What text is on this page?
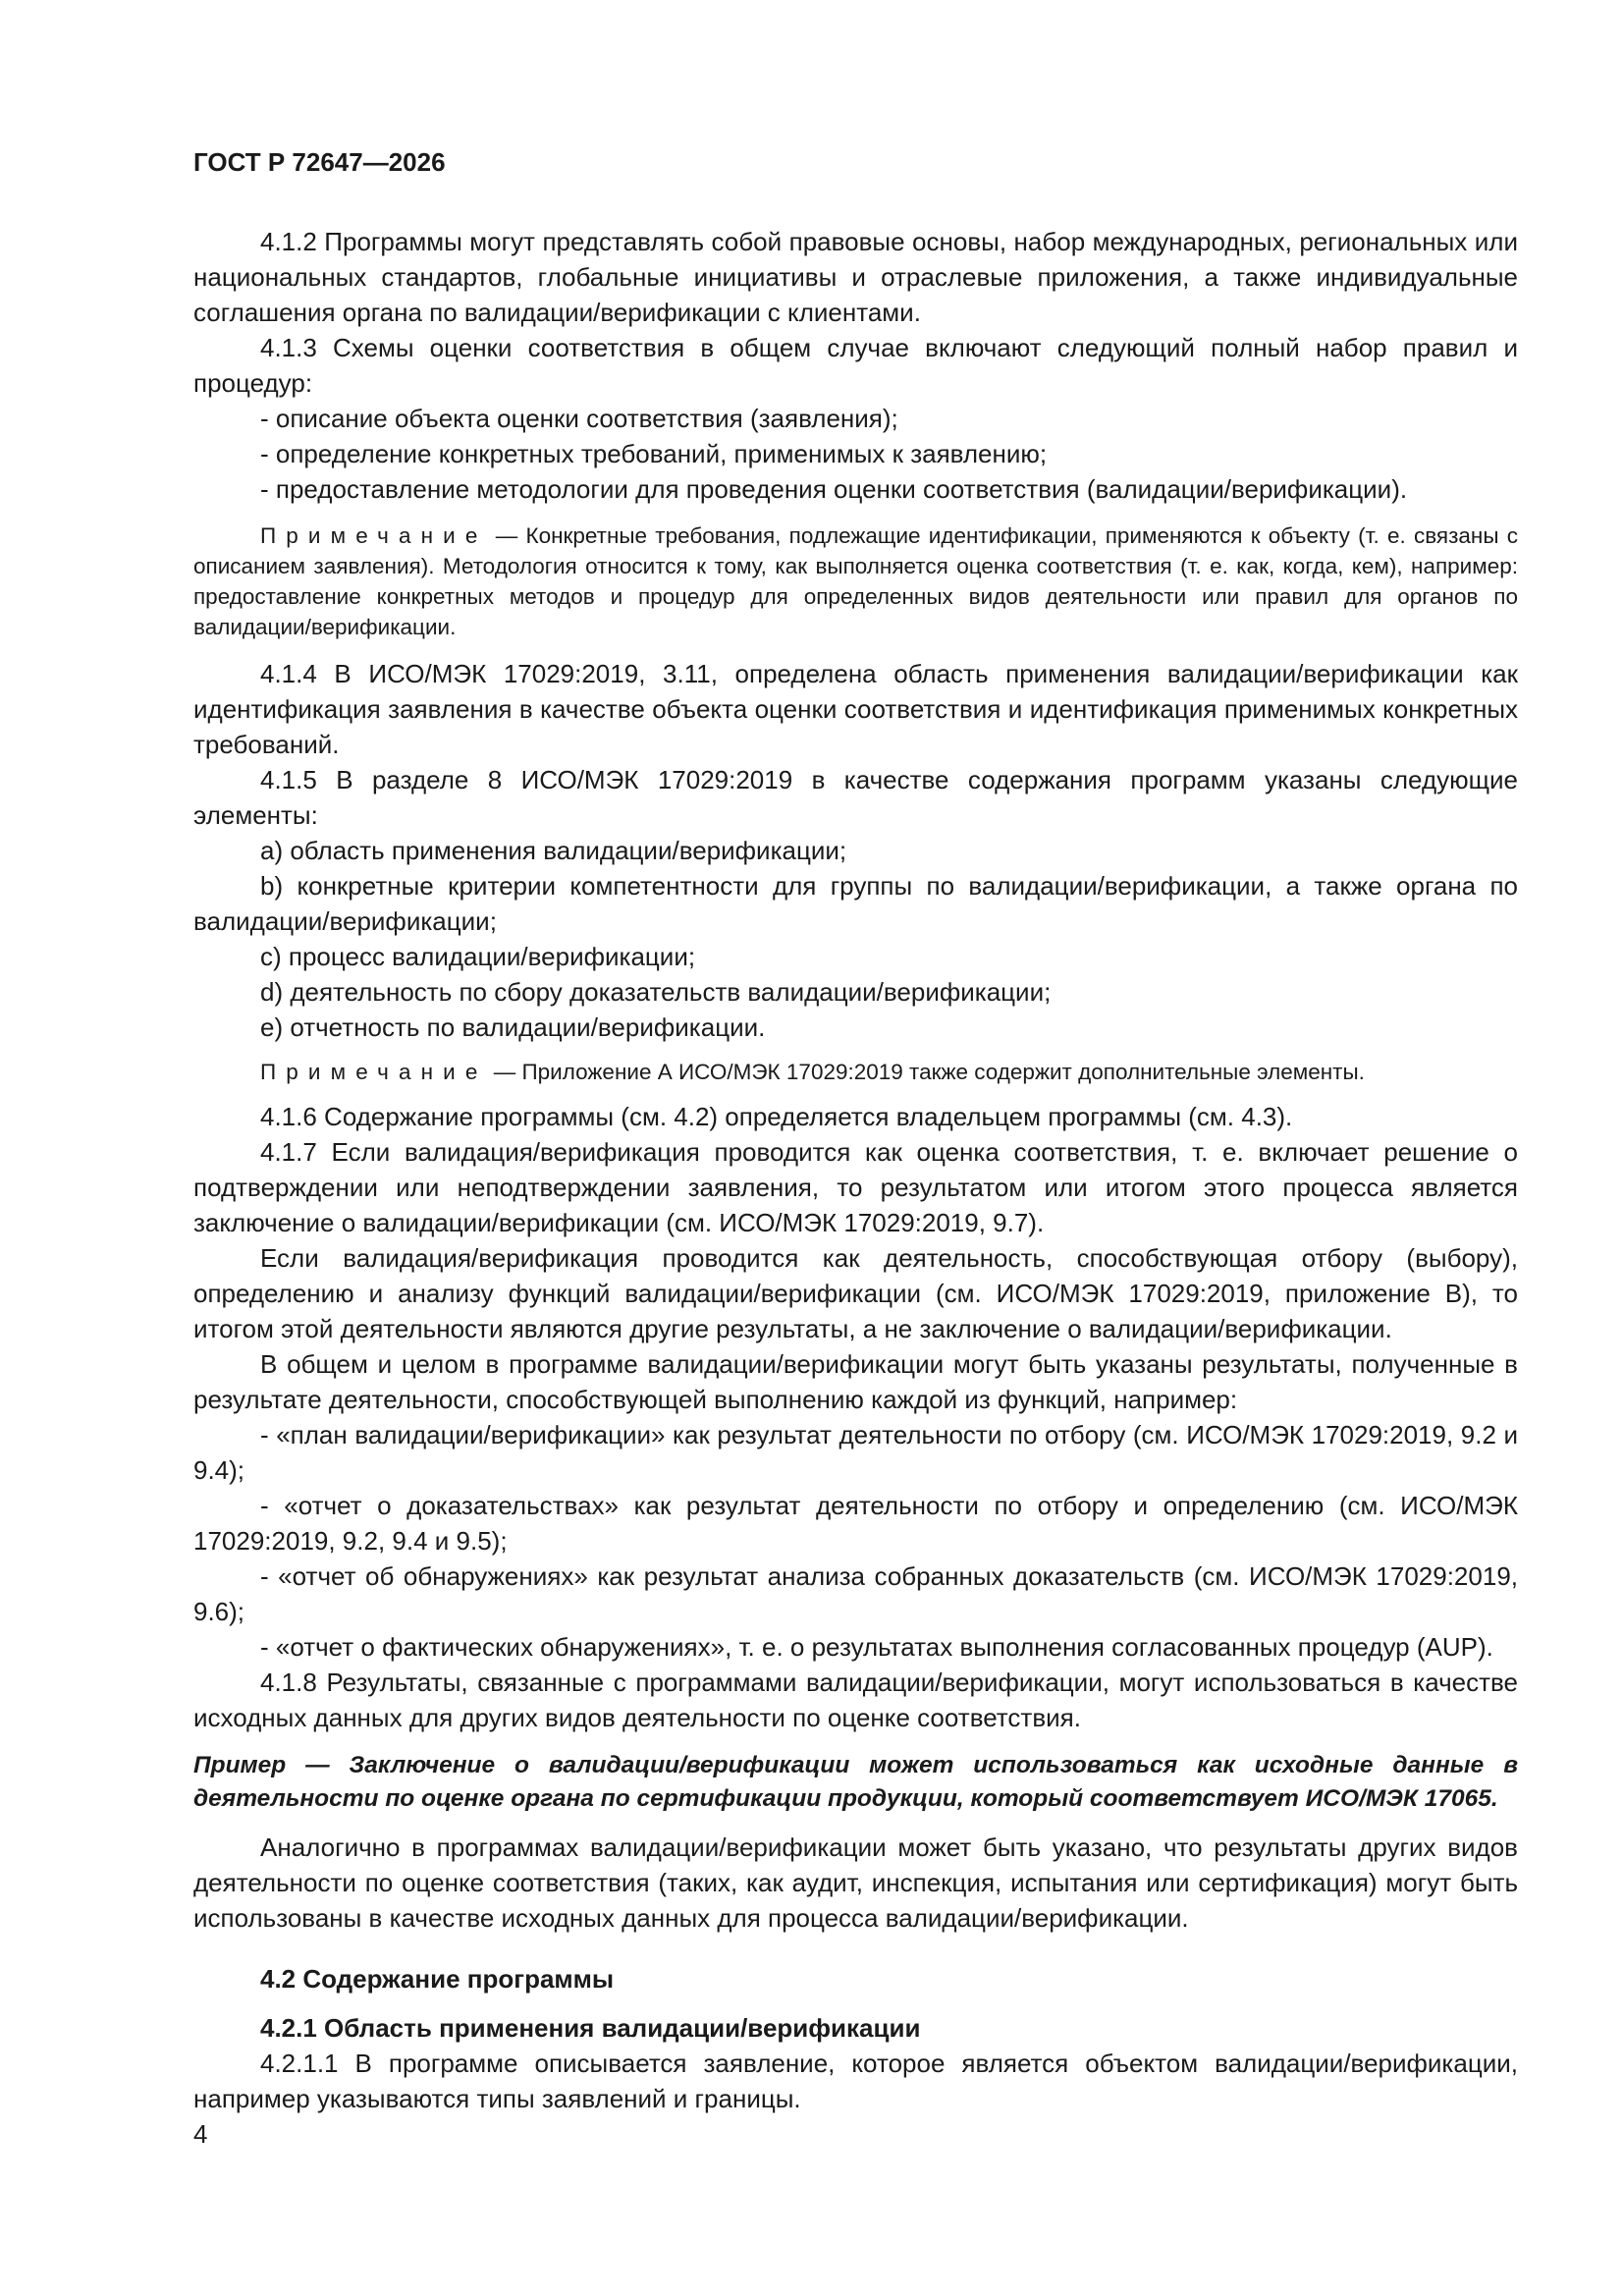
ГОСТ Р 72647—2026

4.1.2 Программы могут представлять собой правовые основы, набор международных, региональных или национальных стандартов, глобальные инициативы и отраслевые приложения, а также индивидуальные соглашения органа по валидации/верификации с клиентами.

4.1.3 Схемы оценки соответствия в общем случае включают следующий полный набор правил и процедур:

- описание объекта оценки соответствия (заявления);

- определение конкретных требований, применимых к заявлению;

- предоставление методологии для проведения оценки соответствия (валидации/верификации).

Примечание — Конкретные требования, подлежащие идентификации, применяются к объекту (т. е. связаны с описанием заявления). Методология относится к тому, как выполняется оценка соответствия (т. е. как, когда, кем), например: предоставление конкретных методов и процедур для определенных видов деятельности или правил для органов по валидации/верификации.

4.1.4 В ИСО/МЭК 17029:2019, 3.11, определена область применения валидации/верификации как идентификация заявления в качестве объекта оценки соответствия и идентификация применимых конкретных требований.

4.1.5 В разделе 8 ИСО/МЭК 17029:2019 в качестве содержания программ указаны следующие элементы:

a) область применения валидации/верификации;

b) конкретные критерии компетентности для группы по валидации/верификации, а также органа по валидации/верификации;

c) процесс валидации/верификации;

d) деятельность по сбору доказательств валидации/верификации;

e) отчетность по валидации/верификации.

Примечание — Приложение А ИСО/МЭК 17029:2019 также содержит дополнительные элементы.

4.1.6 Содержание программы (см. 4.2) определяется владельцем программы (см. 4.3).

4.1.7 Если валидация/верификация проводится как оценка соответствия, т. е. включает решение о подтверждении или неподтверждении заявления, то результатом или итогом этого процесса является заключение о валидации/верификации (см. ИСО/МЭК 17029:2019, 9.7).

Если валидация/верификация проводится как деятельность, способствующая отбору (выбору), определению и анализу функций валидации/верификации (см. ИСО/МЭК 17029:2019, приложение В), то итогом этой деятельности являются другие результаты, а не заключение о валидации/верификации.

В общем и целом в программе валидации/верификации могут быть указаны результаты, полученные в результате деятельности, способствующей выполнению каждой из функций, например:

- «план валидации/верификации» как результат деятельности по отбору (см. ИСО/МЭК 17029:2019, 9.2 и 9.4);

- «отчет о доказательствах» как результат деятельности по отбору и определению (см. ИСО/МЭК 17029:2019, 9.2, 9.4 и 9.5);

- «отчет об обнаружениях» как результат анализа собранных доказательств (см. ИСО/МЭК 17029:2019, 9.6);

- «отчет о фактических обнаружениях», т. е. о результатах выполнения согласованных процедур (AUP).

4.1.8 Результаты, связанные с программами валидации/верификации, могут использоваться в качестве исходных данных для других видов деятельности по оценке соответствия.

Пример — Заключение о валидации/верификации может использоваться как исходные данные в деятельности по оценке органа по сертификации продукции, который соответствует ИСО/МЭК 17065.

Аналогично в программах валидации/верификации может быть указано, что результаты других видов деятельности по оценке соответствия (таких, как аудит, инспекция, испытания или сертификация) могут быть использованы в качестве исходных данных для процесса валидации/верификации.

4.2 Содержание программы

4.2.1 Область применения валидации/верификации

4.2.1.1 В программе описывается заявление, которое является объектом валидации/верификации, например указываются типы заявлений и границы.

4
